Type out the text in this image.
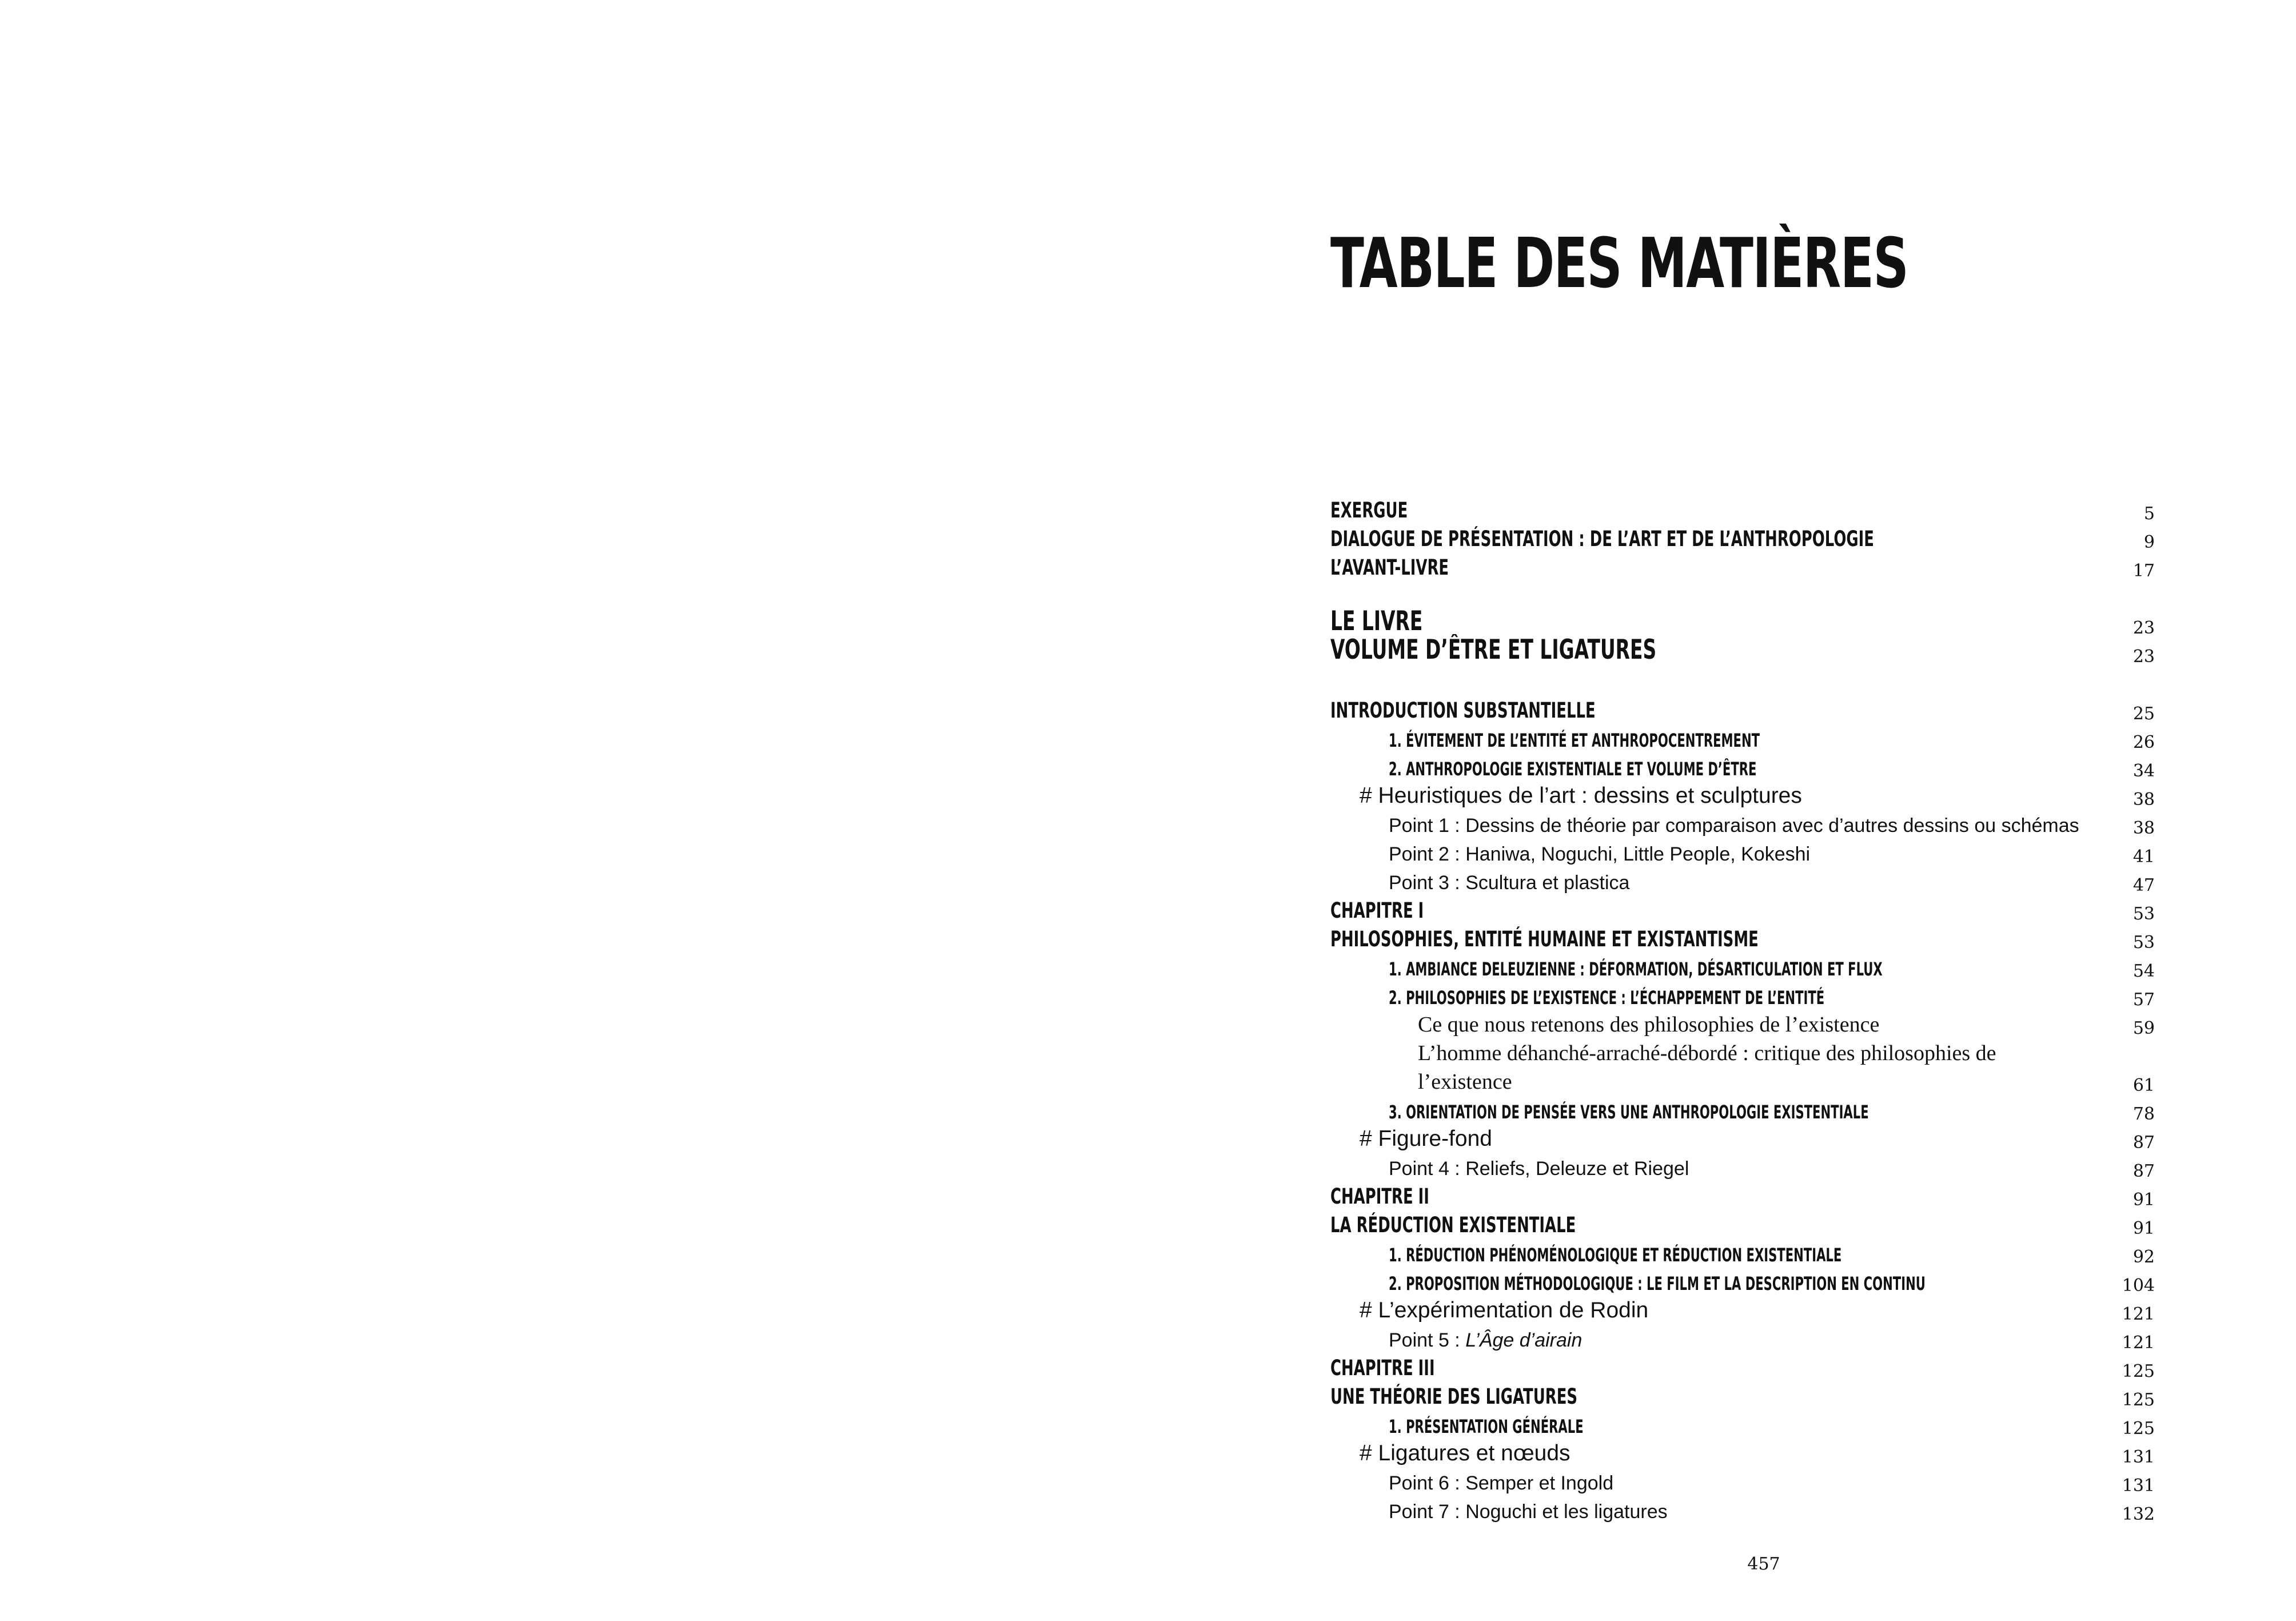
TABLE DES MATIÈRES
EXERGUE	5
DIALOGUE DE PRÉSENTATION : DE L’ART ET DE L’ANTHROPOLOGIE	9
L’AVANT-LIVRE	17
LE LIVRE	23
VOLUME D’ÊTRE ET LIGATURES	23
INTRODUCTION SUBSTANTIELLE	25
1. ÉVITEMENT DE L’ENTITÉ ET ANTHROPOCENTREMENT	26
2. ANTHROPOLOGIE EXISTENTIALE ET VOLUME D’ÊTRE	34
# Heuristiques de l’art : dessins et sculptures	38
Point 1 : Dessins de théorie par comparaison avec d’autres dessins ou schémas	38
Point 2 : Haniwa, Noguchi, Little People, Kokeshi	41
Point 3 : Scultura et plastica	47
CHAPITRE I	53
PHILOSOPHIES, ENTITÉ HUMAINE ET EXISTANTISME	53
1. AMBIANCE DELEUZIENNE : DÉFORMATION, DÉSARTICULATION ET FLUX	54
2. PHILOSOPHIES DE L’EXISTENCE : L’ÉCHAPPEMENT DE L’ENTITÉ	57
Ce que nous retenons des philosophies de l’existence	59
L’homme déhanché-arraché-débordé : critique des philosophies de
l’existence	61
3. ORIENTATION DE PENSÉE VERS UNE ANTHROPOLOGIE EXISTENTIALE	78
# Figure-fond	87
Point 4 : Reliefs, Deleuze et Riegel	87
CHAPITRE II	91
LA RÉDUCTION EXISTENTIALE	91
1. RÉDUCTION PHÉNOMÉNOLOGIQUE ET RÉDUCTION EXISTENTIALE	92
2. PROPOSITION MÉTHODOLOGIQUE : LE FILM ET LA DESCRIPTION EN CONTINU	104
# L’expérimentation de Rodin	121
Point 5 : L’Âge d’airain	121
CHAPITRE III	125
UNE THÉORIE DES LIGATURES	125
1. PRÉSENTATION GÉNÉRALE	125
# Ligatures et nœuds	131
Point 6 : Semper et Ingold	131
Point 7 : Noguchi et les ligatures	132
457
